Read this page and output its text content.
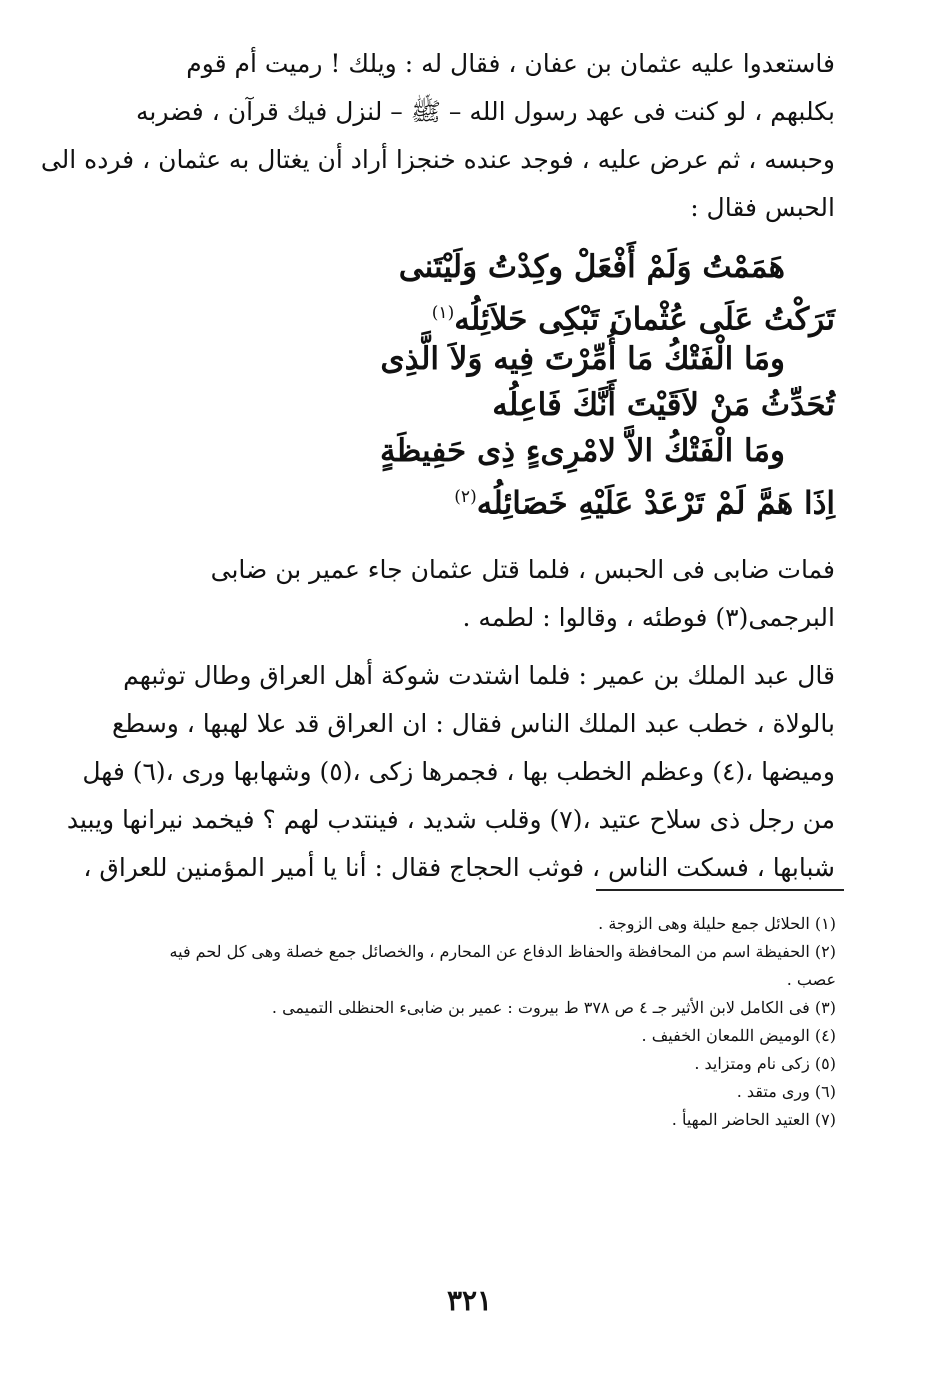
فاستعدوا عليه عثمان بن عفان ، فقال له : ويلك ! رميت أم قوم
بكلبهم ، لو كنت فى عهد رسول الله – ﷺ – لنزل فيك قرآن ، فضربه
وحبسه ، ثم عرض عليه ، فوجد عنده خنجزا أراد أن يغتال به عثمان ، فرده الى
الحبس فقال :
هَمَمْتُ وَلَمْ أَفْعَلْ وكِدْتُ وَلَيْتَنى
تَرَكْتُ عَلَى عُثْمانَ تَبْكِى حَلاَئِلُه$^{(١)}$
ومَا الْفَتْكُ مَا أُمِّرْتَ فِيه وَلاَ الَّذِى
تُحَدِّثُ مَنْ لاَقَيْتَ أَنَّكَ فَاعِلُه
ومَا الْفَتْكُ الاَّ لامْرِىءٍ ذِى حَفِيظَةٍ
اِذَا هَمَّ لَمْ تَرْعَدْ عَلَيْهِ خَصَائِلُه$^{(٢)}$
فمات ضابى فى الحبس ، فلما قتل عثمان جاء عمير بن ضابى
البرجمى(٣) فوطئه ، وقالوا : لطمه .
قال عبد الملك بن عمير : فلما اشتدت شوكة أهل العراق وطال توثبهم
بالولاة ، خطب عبد الملك الناس فقال : ان العراق قد علا لهبها ، وسطع
وميضها ،(٤) وعظم الخطب بها ، فجمرها زكى ،(٥) وشهابها ورى ،(٦) فهل
من رجل ذى سلاح عتيد ،(٧) وقلب شديد ، فينتدب لهم ؟ فيخمد نيرانها ويبيد
شبابها ، فسكت الناس ، فوثب الحجاج فقال : أنا يا أمير المؤمنين للعراق ،
(١) الحلائل جمع حليلة وهى الزوجة .
(٢) الحفيظة اسم من المحافظة والحفاظ الدفاع عن المحارم ، والخصائل جمع خصلة وهى كل لحم فيه
عصب .
(٣) فى الكامل لابن الأثير جـ ٤ ص ٣٧٨ ط بيروت : عمير بن ضابىء الحنظلى التميمى .
(٤) الوميض اللمعان الخفيف .
(٥) زكى نام ومتزايد .
(٦) ورى متقد .
(٧) العتيد الحاضر المهيأ .
٣٢١
